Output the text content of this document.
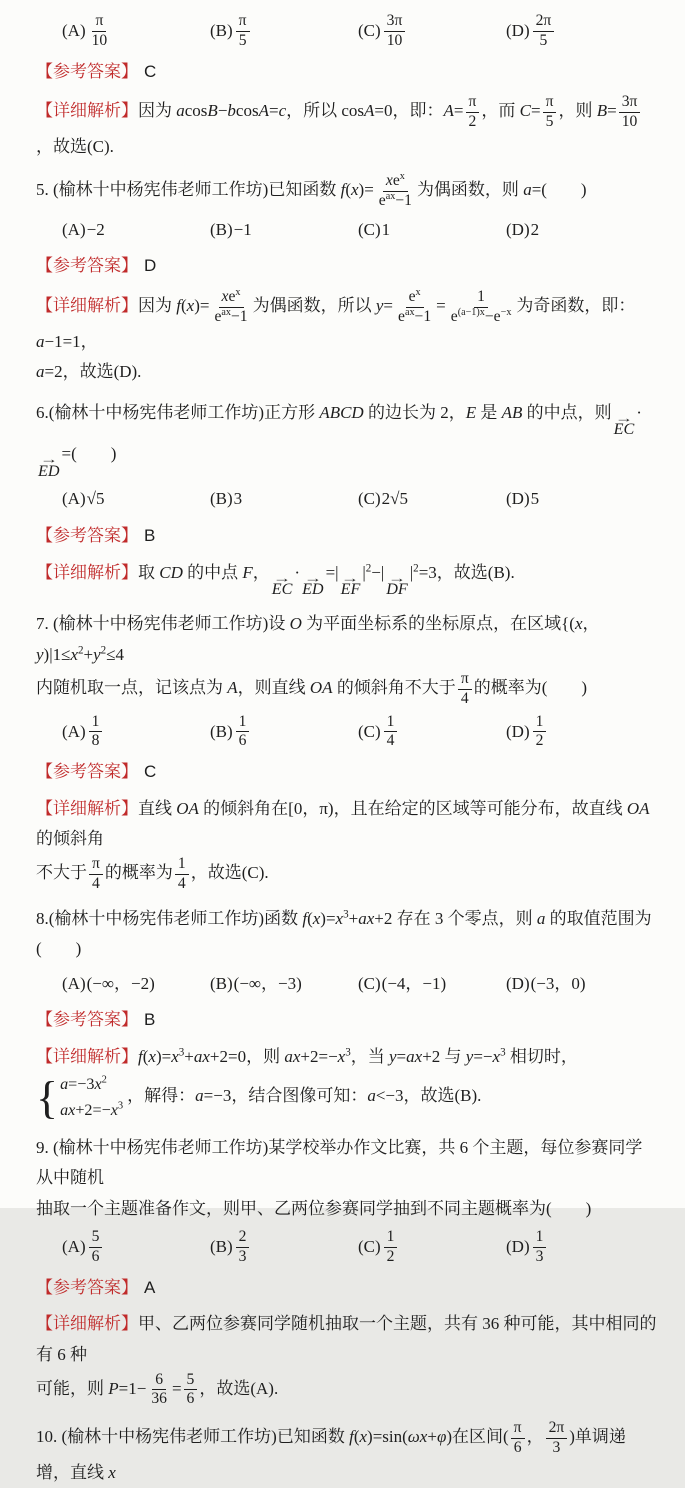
$(A) \frac{\pi}{10}$	$(B) \frac{\pi}{5}$	$(C) \frac{3\pi}{10}$	$(D) \frac{2\pi}{5}$
【参考答案】 C
【详细解析】因为 acosB−bcosA=c，所以 cosA=0，即：$A= \frac{\pi}{2}$ ，而 $C= \frac{\pi}{5}$ ，则 $B= \frac{3\pi}{10}$
，故选(C).
5. (榆林十中杨宪伟老师工作坊)已知函数 $f(x)= \frac{xe^x}{e^{ax}-1}$ 为偶函数，则 a=(　　)
(A) −2	(B) −1	(C) 1	(D) 2
【参考答案】 D
【详细解析】因为 $f(x)= \frac{xe^x}{e^{ax}-1}$ 为偶函数，所以 $y= \frac{e^x}{e^{ax}-1} = \frac{1}{e^{(a-1)x}-e^{-x}}$ 为奇函数，即：a−1=1，
a=2，故选(D).
6.(榆林十中杨宪伟老师工作坊)正方形 ABCD 的边长为 2，E 是 AB 的中点，则 →
EC
·
→
ED
=(　　)
(A) √5	(B) 3	(C) 2√5	(D) 5
【参考答案】 B
【详细解析】取 CD 的中点 F， →
EC
· →
ED
=| →
EF
$|^2-|$ →
DF
$|^2=3$，故选(B).
7. (榆林十中杨宪伟老师工作坊)设 O 为平面坐标系的坐标原点，在区域{(x，$y)|1\le x^2+y^2\le 4$
内随机取一点，记该点为 A，则直线 OA 的倾斜角不大于 $\frac{\pi}{4}$ 的概率为(　　)
$(A) \frac{1}{8}$	$(B) \frac{1}{6}$	$(C) \frac{1}{4}$	$(D) \frac{1}{2}$
【参考答案】 C
【详细解析】直线 OA 的倾斜角在[0，π)，且在给定的区域等可能分布，故直线 OA 的倾斜角
不大于 $\frac{\pi}{4}$ 的概率为 $\frac{1}{4}$ ，故选(C).
8.(榆林十中杨宪伟老师工作坊)函数 $f(x)=x^3+ax+2$ 存在 3 个零点，则 a 的取值范围为(　　)
(A) (−∞，−2)	(B) (−∞，−3)	(C) (−4，−1)	(D) (−3，0)
【参考答案】 B
【详细解析】$f(x)=x^3+ax+2=0$，则 $ax+2=-x^3$，当 y=ax+2 与 $y=-x^3$ 相切时，
{ $a=-3x^2$
$ax+2=-x^3$
，解得：a=−3，结合图像可知：a<−3，故选(B).
9. (榆林十中杨宪伟老师工作坊)某学校举办作文比赛，共 6 个主题，每位参赛同学从中随机
抽取一个主题准备作文，则甲、乙两位参赛同学抽到不同主题概率为(　　)
$(A) \frac{5}{6}$	$(B) \frac{2}{3}$	$(C) \frac{1}{2}$	$(D) \frac{1}{3}$
【参考答案】 A
【详细解析】甲、乙两位参赛同学随机抽取一个主题，共有 36 种可能，其中相同的有 6 种
可能，则 $P=1- \frac{6}{36} = \frac{5}{6}$ ，故选(A).
10. (榆林十中杨宪伟老师工作坊)已知函数 f(x)=sin(ωx+φ)在区间( $\frac{\pi}{6}$ ， $\frac{2\pi}{3}$ )单调递增，直线 x
